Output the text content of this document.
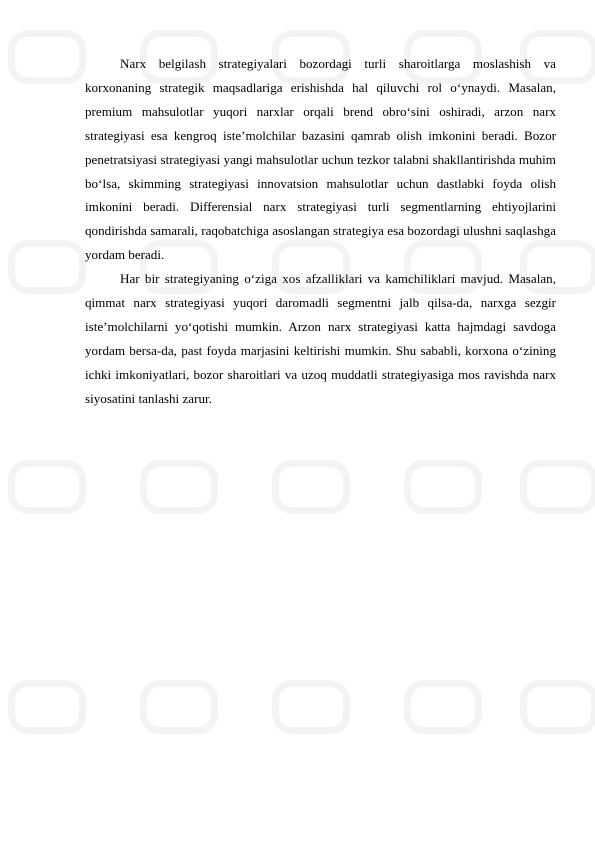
Narx belgilash strategiyalari bozordagi turli sharoitlarga moslashish va korxonaning strategik maqsadlariga erishishda hal qiluvchi rol o‘ynaydi. Masalan, premium mahsulotlar yuqori narxlar orqali brend obro‘sini oshiradi, arzon narx strategiyasi esa kengroq iste’molchilar bazasini qamrab olish imkonini beradi. Bozor penetratsiyasi strategiyasi yangi mahsulotlar uchun tezkor talabni shakllantirishda muhim bo‘lsa, skimming strategiyasi innovatsion mahsulotlar uchun dastlabki foyda olish imkonini beradi. Differensial narx strategiyasi turli segmentlarning ehtiyojlarini qondirishda samarali, raqobatchiga asoslangan strategiya esa bozordagi ulushni saqlashga yordam beradi.

Har bir strategiyaning o‘ziga xos afzalliklari va kamchiliklari mavjud. Masalan, qimmat narx strategiyasi yuqori daromadli segmentni jalb qilsa-da, narxga sezgir iste’molchilarni yo‘qotishi mumkin. Arzon narx strategiyasi katta hajmdagi savdoga yordam bersa-da, past foyda marjasini keltirishi mumkin. Shu sababli, korxona o‘zining ichki imkoniyatlari, bozor sharoitlari va uzoq muddatli strategiyasiga mos ravishda narx siyosatini tanlashi zarur.
